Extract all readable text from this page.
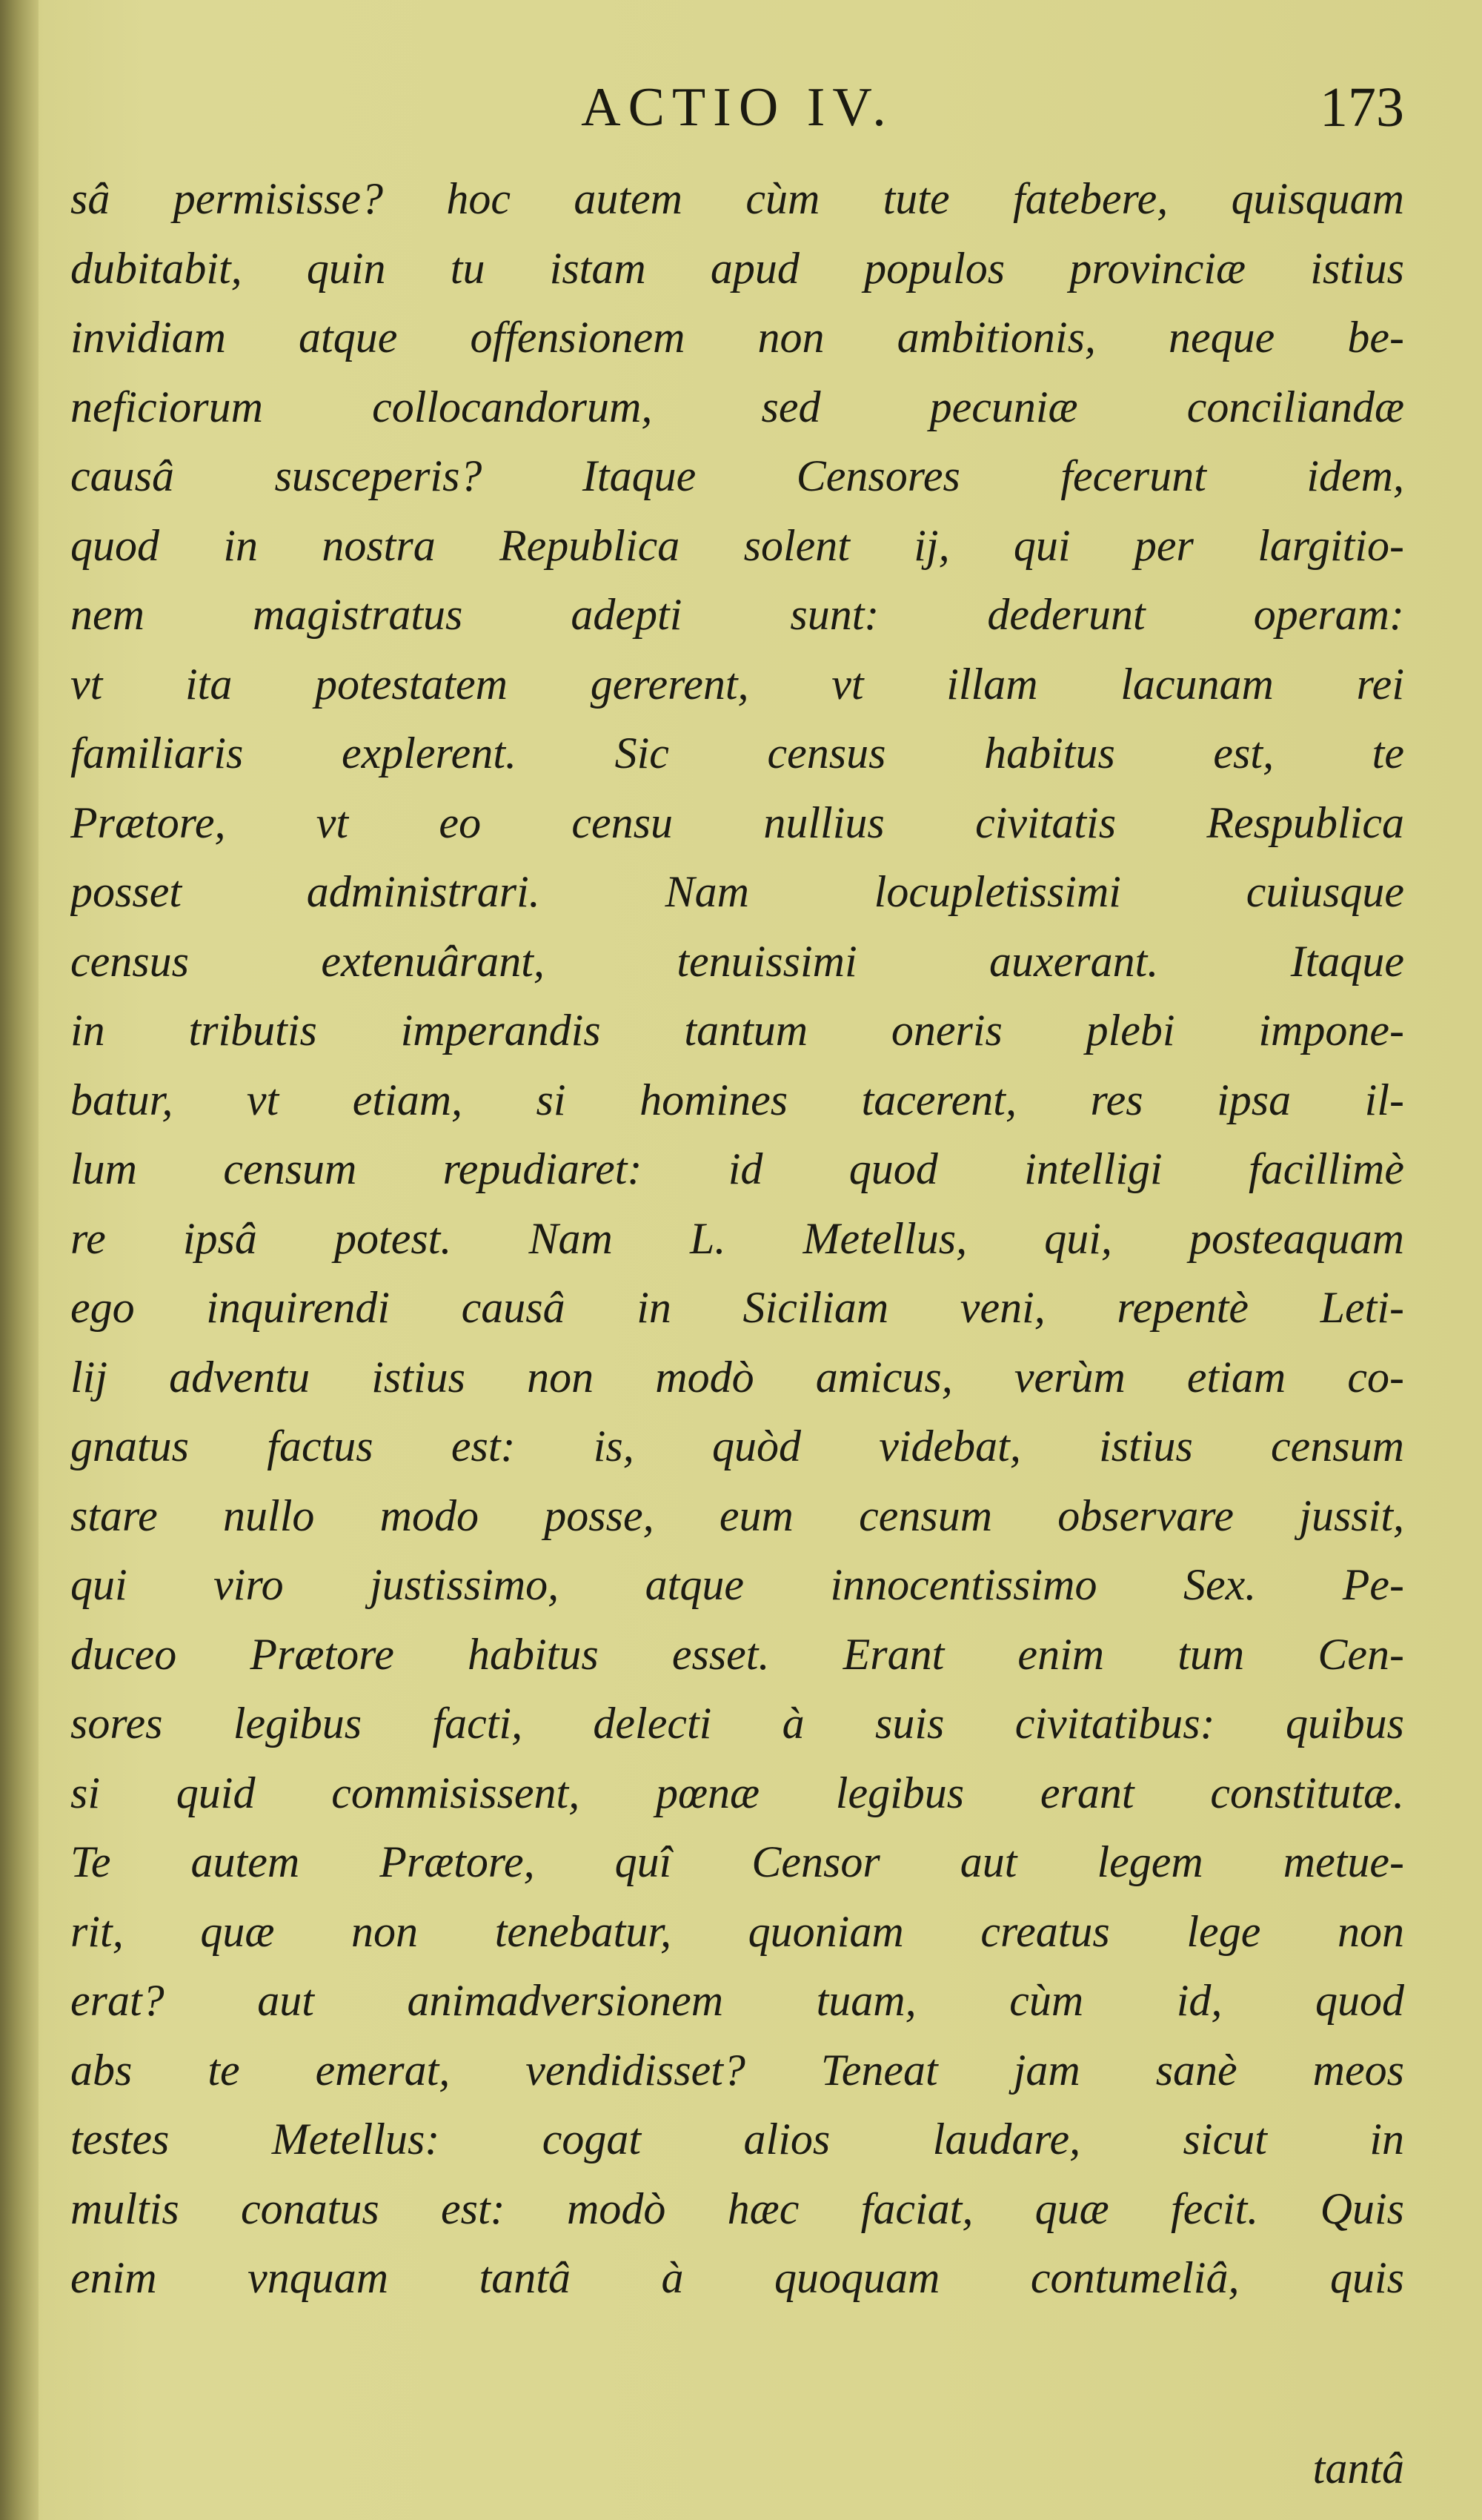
ACTIO IV.	173
sâ permisisse? hoc autem cùm tute fatebere, quisquam
dubitabit, quin tu istam apud populos provinciæ istius
invidiam atque offensionem non ambitionis, neque be-
neficiorum collocandorum, sed pecuniæ conciliandæ
causâ susceperis? Itaque Censores fecerunt idem,
quod in nostra Republica solent ij, qui per largitio-
nem magistratus adepti sunt: dederunt operam:
vt ita potestatem gererent, vt illam lacunam rei
familiaris explerent. Sic census habitus est, te
Prætore, vt eo censu nullius civitatis Respublica
posset administrari. Nam locupletissimi cuiusque
census extenuârant, tenuissimi auxerant. Itaque
in tributis imperandis tantum oneris plebi impone-
batur, vt etiam, si homines tacerent, res ipsa il-
lum censum repudiaret: id quod intelligi facillimè
re ipsâ potest. Nam L. Metellus, qui, posteaquam
ego inquirendi causâ in Siciliam veni, repentè Leti-
lij adventu istius non modò amicus, verùm etiam co-
gnatus factus est: is, quòd videbat, istius censum
stare nullo modo posse, eum censum observare jussit,
qui viro justissimo, atque innocentissimo Sex. Pe-
duceo Prætore habitus esset. Erant enim tum Cen-
sores legibus facti, delecti à suis civitatibus: quibus
si quid commisissent, pœnæ legibus erant constitutæ.
Te autem Prætore, quî Censor aut legem metue-
rit, quæ non tenebatur, quoniam creatus lege non
erat? aut animadversionem tuam, cùm id, quod
abs te emerat, vendidisset? Teneat jam sanè meos
testes Metellus: cogat alios laudare, sicut in
multis conatus est: modò hæc faciat, quæ fecit. Quis
enim vnquam tantâ à quoquam contumeliâ, quis
tantâ
